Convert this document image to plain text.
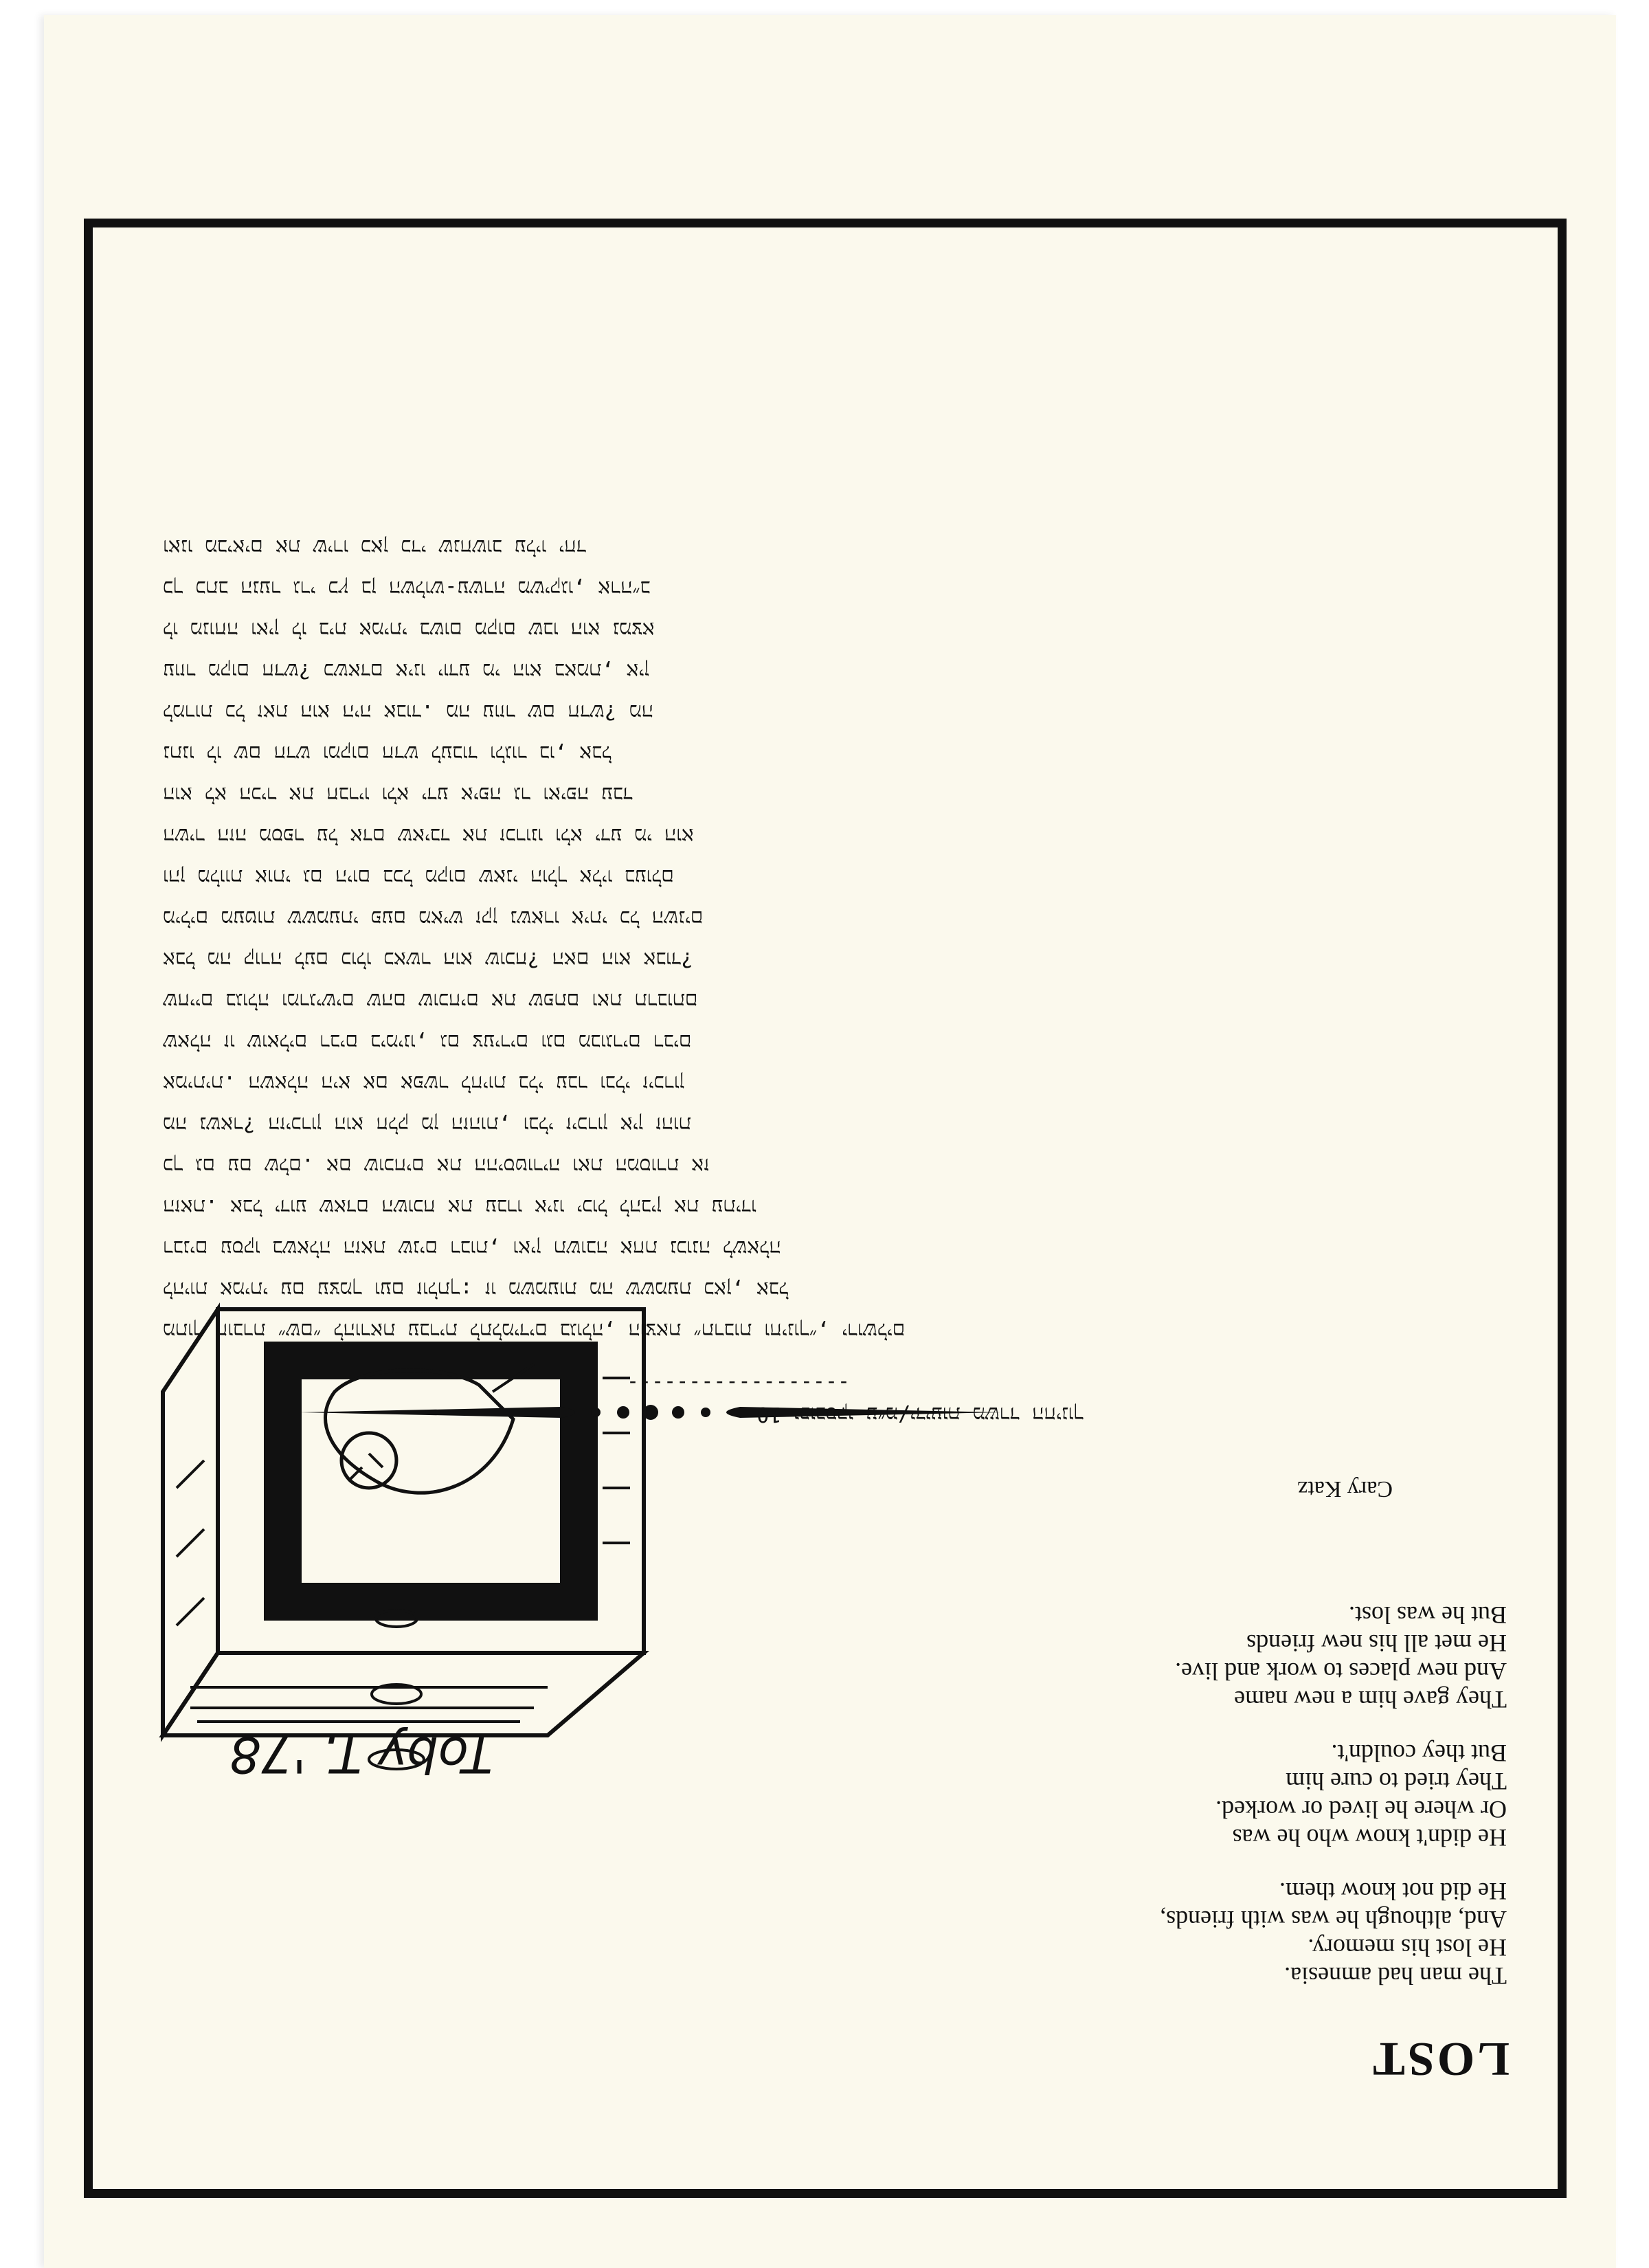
LOST
The man had amnesia.
He lost his memory.
And, although he was with friends,
He did not know them.
He didn't know who he was
Or where he lived or worked.
They tried to cure him
But they couldn't.
They gave him a new name
And new places to work and live.
He met all his new friends
But he was lost.
Cary Katz
Toby T. '78
מתוך חוברת ״שם״ להוראת עברית לתלמידים בגולה, הוצאת ״תרבות וחינוך״, ירושלים
להיות אמיתי עם עצמך ועם זולתך: זו משמעות מה ששמעת כאן, אבל
רבנים עסקו בשאלה הזאת שנים רבות, ואין תשובה אחת נכונה לשאלה
הזאת. אבל ידוע שאדם השוכח את עברו אינו יכול להבין את עתידו
כך גם עם שלם. אם שוכחים את ההיסטוריה ואת המסורת אז
מה נשאר? הזיכרון הוא חלק מן הזהות, ובלי זיכרון אין זהות
אמיתית. השאלה היא אם אפשר לחיות בלי עבר ובלי זיכרון
שאלה זו שואלים רבים בימינו, גם צעירים וגם מבוגרים רבים
שחיים בגולה ומרגישים שהם שוכחים את שפתם ואת תרבותם
אבל מה קורה לעם כולו כאשר הוא שוכח? האם הוא אבוד?
מילים מעטות ששמעתי פעם מאיש זקן נשארו איתי כל השנים
והן מלוות אותי גם היום בכל מקום שאני הולך אליו בעולם
השיר הזה מספר על אדם שאיבד את זכרונו ולא ידע מי הוא
הוא לא הכיר את חבריו ולא ידע איפה גר ואיפה עבד
נתנו לו שם חדש ומקום חדש לעבוד ולגור בו, אבל
למרות כל זאת הוא היה אבוד. מה עוזר שם חדש? מה
עוזר מקום חדש? כשאדם אינו יודע מי הוא באמת, אין
לו מנוחה ואין לו בית אמיתי בשום מקום שבו הוא נמצא
כך כתב הנער גרי כץ בן השלוש-עשרה משיקגו, ארה״ב
ואנו מביאים את שירו כאן כדי שנחשוב עליו יחד
10 יפובסקי ע״מ/ידיעות משרד החינוך
------------------
